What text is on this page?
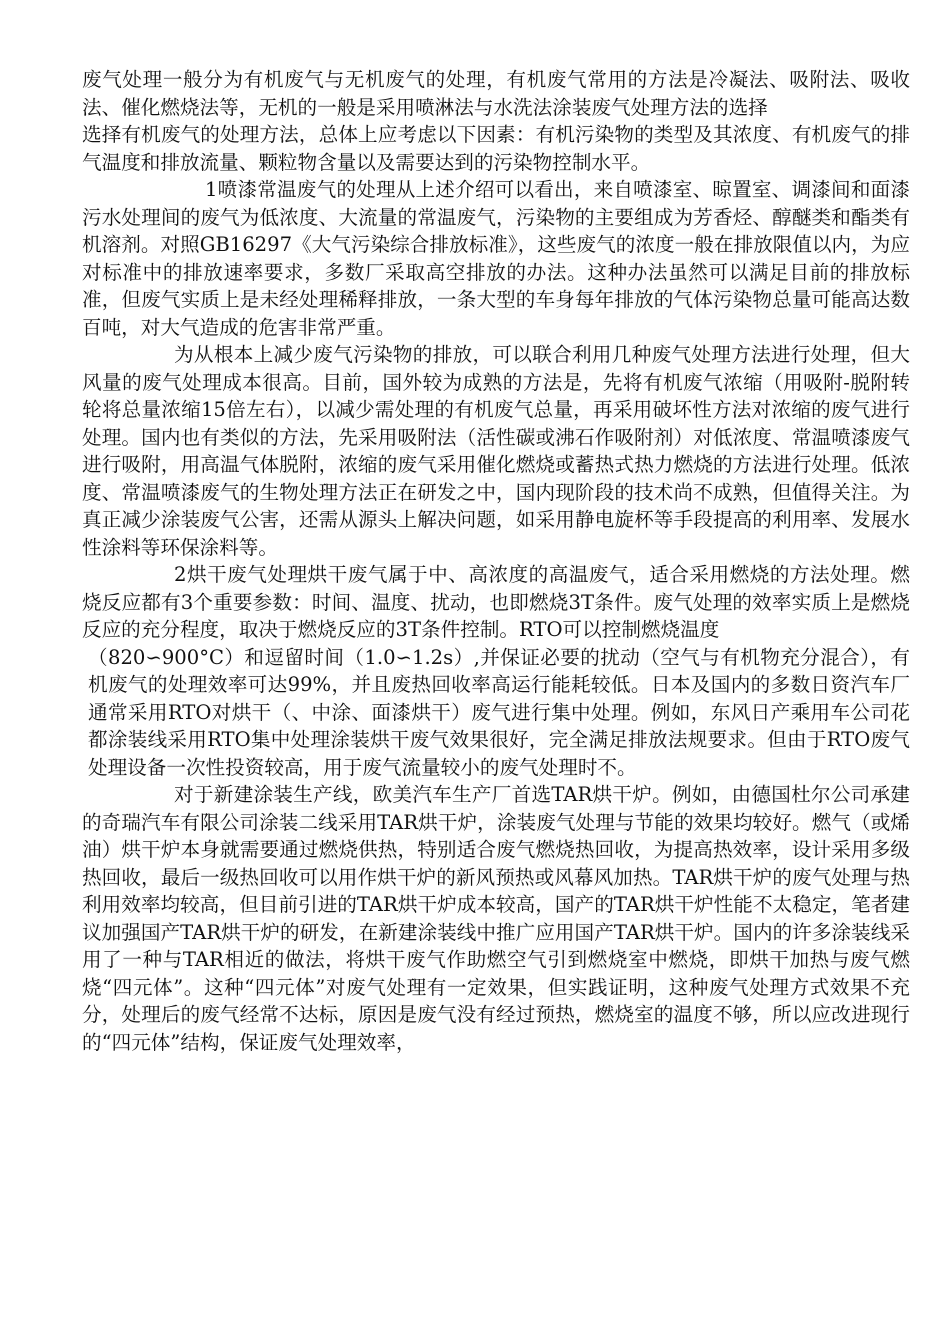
废气处理一般分为有机废气与无机废气的处理，有机废气常用的方法是冷凝法、吸附法、吸收法、催化燃烧法等，无机的一般是采用喷淋法与水洗法涂装废气处理方法的选择

选择有机废气的处理方法，总体上应考虑以下因素：有机污染物的类型及其浓度、有机废气的排气温度和排放流量、颗粒物含量以及需要达到的污染物控制水平。

1喷漆常温废气的处理从上述介绍可以看出，来自喷漆室、晾置室、调漆间和面漆污水处理间的废气为低浓度、大流量的常温废气，污染物的主要组成为芳香烃、醇醚类和酯类有机溶剂。对照GB16297《大气污染综合排放标准》，这些废气的浓度一般在排放限值以内，为应对标准中的排放速率要求，多数厂采取高空排放的办法。这种办法虽然可以满足目前的排放标准，但废气实质上是未经处理稀释排放，一条大型的车身每年排放的气体污染物总量可能高达数百吨，对大气造成的危害非常严重。

为从根本上减少废气污染物的排放，可以联合利用几种废气处理方法进行处理，但大风量的废气处理成本很高。目前，国外较为成熟的方法是，先将有机废气浓缩（用吸附-脱附转轮将总量浓缩15倍左右），以减少需处理的有机废气总量，再采用破坏性方法对浓缩的废气进行处理。国内也有类似的方法，先采用吸附法（活性碳或沸石作吸附剂）对低浓度、常温喷漆废气进行吸附，用高温气体脱附，浓缩的废气采用催化燃烧或蓄热式热力燃烧的方法进行处理。低浓度、常温喷漆废气的生物处理方法正在研发之中，国内现阶段的技术尚不成熟，但值得关注。为真正减少涂装废气公害，还需从源头上解决问题，如采用静电旋杯等手段提高的利用率、发展水性涂料等环保涂料等。

2烘干废气处理烘干废气属于中、高浓度的高温废气，适合采用燃烧的方法处理。燃烧反应都有3个重要参数：时间、温度、扰动，也即燃烧3T条件。废气处理的效率实质上是燃烧反应的充分程度，取决于燃烧反应的3T条件控制。RTO可以控制燃烧温度

（820∽900°C）和逗留时间（1.0∽1.2s）,并保证必要的扰动（空气与有机物充分混合），有机废气的处理效率可达99%，并且废热回收率高运行能耗较低。日本及国内的多数日资汽车厂通常采用RTO对烘干（、中涂、面漆烘干）废气进行集中处理。例如，东风日产乘用车公司花都涂装线采用RTO集中处理涂装烘干废气效果很好，完全满足排放法规要求。但由于RTO废气处理设备一次性投资较高，用于废气流量较小的废气处理时不。

对于新建涂装生产线，欧美汽车生产厂首选TAR烘干炉。例如，由德国杜尔公司承建的奇瑞汽车有限公司涂装二线采用TAR烘干炉，涂装废气处理与节能的效果均较好。燃气（或烯油）烘干炉本身就需要通过燃烧供热，特别适合废气燃烧热回收，为提高热效率，设计采用多级热回收，最后一级热回收可以用作烘干炉的新风预热或风幕风加热。TAR烘干炉的废气处理与热利用效率均较高，但目前引进的TAR烘干炉成本较高，国产的TAR烘干炉性能不太稳定，笔者建议加强国产TAR烘干炉的研发，在新建涂装线中推广应用国产TAR烘干炉。国内的许多涂装线采用了一种与TAR相近的做法，将烘干废气作助燃空气引到燃烧室中燃烧，即烘干加热与废气燃烧“四元体”。这种“四元体”对废气处理有一定效果，但实践证明，这种废气处理方式效果不充分，处理后的废气经常不达标，原因是废气没有经过预热，燃烧室的温度不够，所以应改进现行的“四元体”结构，保证废气处理效率，
